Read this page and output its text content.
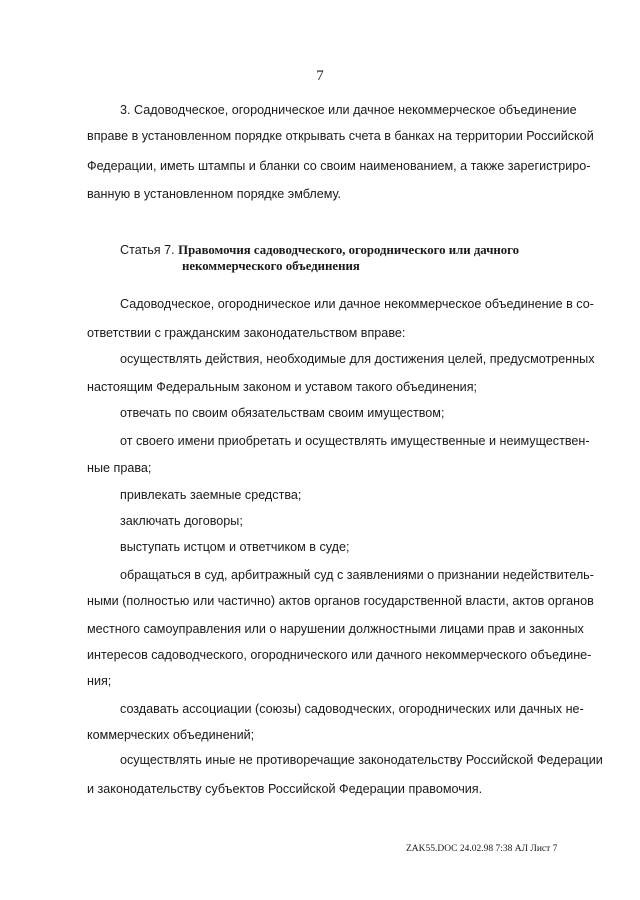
7

3. Садоводческое, огородническое или дачное некоммерческое объединение

вправе в установленном порядке открывать счета в банках на территории Российской

Федерации, иметь штампы и бланки со своим наименованием, а также зарегистриро-

ванную в установленном порядке эмблему.

Статья 7. Правомочия садоводческого, огороднического или дачного
некоммерческого объединения

Садоводческое, огородническое или дачное некоммерческое объединение в со-

ответствии с гражданским законодательством вправе:

осуществлять действия, необходимые для достижения целей, предусмотренных

настоящим Федеральным законом и уставом такого объединения;

отвечать по своим обязательствам своим имуществом;

от своего имени приобретать и осуществлять имущественные и неимуществен-

ные права;

привлекать заемные средства;

заключать договоры;

выступать истцом и ответчиком в суде;

обращаться в суд, арбитражный суд с заявлениями о признании недействитель-

ными (полностью или частично) актов органов государственной власти, актов органов

местного самоуправления или о нарушении должностными лицами прав и законных

интересов садоводческого, огороднического или дачного некоммерческого объедине-

ния;

создавать ассоциации (союзы) садоводческих, огороднических или дачных не-

коммерческих объединений;

осуществлять иные не противоречащие законодательству Российской Федерации

и законодательству субъектов Российской Федерации правомочия.

ZAK55.DOC 24.02.98 7:38 АЛ Лист 7
